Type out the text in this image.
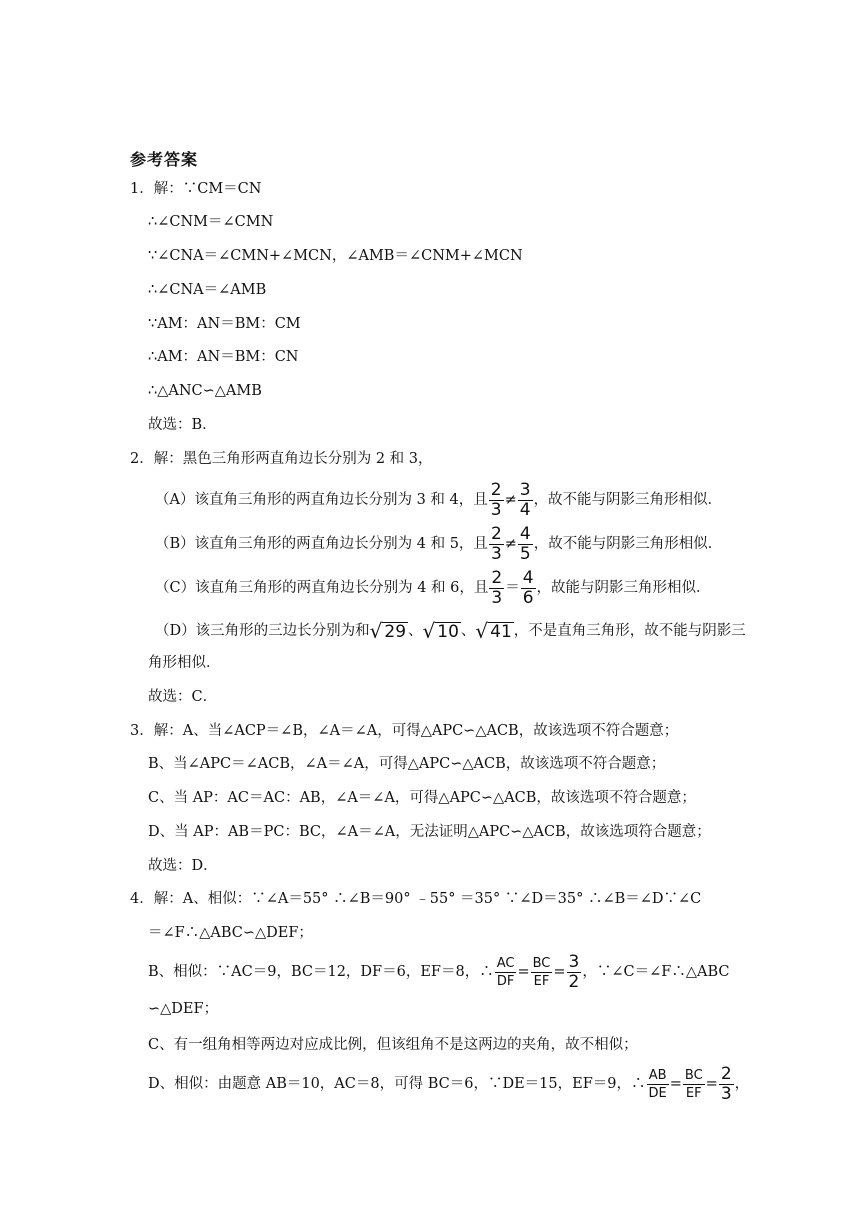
参考答案
1．解：∵CM＝CN
∴∠CNM＝∠CMN
∵∠CNA＝∠CMN+∠MCN，∠AMB＝∠CNM+∠MCN
∴∠CNA＝∠AMB
∵AM：AN＝BM：CM
∴AM：AN＝BM：CN
∴△ANC∽△AMB
故选：B．
2．解：黑色三角形两直角边长分别为 2 和 3，
（A）该直角三角形的两直角边长分别为 3 和 4，且 $\frac{2}{3} \ne \frac{3}{4}$ ，故不能与阴影三角形相似．
（B）该直角三角形的两直角边长分别为 4 和 5，且 $\frac{2}{3} \ne \frac{4}{5}$ ，故不能与阴影三角形相似．
（C）该直角三角形的两直角边长分别为 4 和 6，且 $\frac{2}{3} = \frac{4}{6}$ ，故能与阴影三角形相似．
（D）该三角形的三边长分别为和 √ 29 、 √ 10 、 √ 41 ，不是直角三角形，故不能与阴影三
角形相似．
故选：C．
3．解：A、当∠ACP＝∠B，∠A＝∠A，可得△APC∽△ACB，故该选项不符合题意；
B、当∠APC＝∠ACB，∠A＝∠A，可得△APC∽△ACB，故该选项不符合题意；
C、当 AP：AC＝AC：AB，∠A＝∠A，可得△APC∽△ACB，故该选项不符合题意；
D、当 AP：AB＝PC：BC，∠A＝∠A，无法证明△APC∽△ACB，故该选项符合题意；
故选：D．
4．解：A、相似：∵∠A＝55° ∴∠B＝90° ﹣55° ＝35° ∵∠D＝35° ∴∠B＝∠D∵∠C
＝∠F∴△ABC∽△DEF；
B、相似：∵AC＝9，BC＝12，DF＝6，EF＝8，∴ $\frac{AC}{DF} = \frac{BC}{EF} = \frac{3}{2}$ ，∵∠C＝∠F∴△ABC
∽△DEF；
C、有一组角相等两边对应成比例，但该组角不是这两边的夹角，故不相似；
D、相似：由题意 AB＝10，AC＝8，可得 BC＝6，∵DE＝15，EF＝9，∴ $\frac{AB}{DE} = \frac{BC}{EF} = \frac{2}{3}$ ，
